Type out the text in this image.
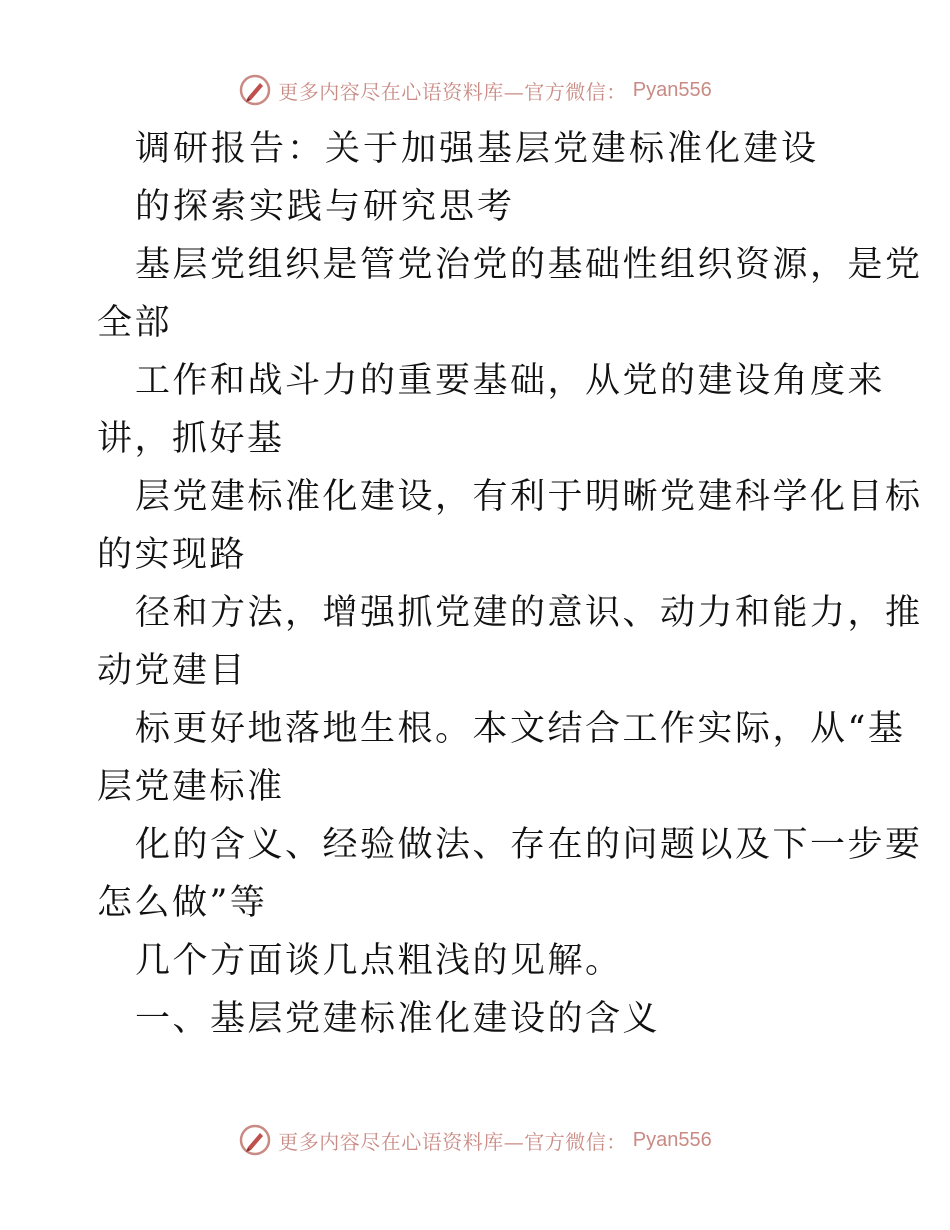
更多内容尽在心语资料库—官方微信： Pyan556
调研报告：关于加强基层党建标准化建设
的探索实践与研究思考
基层党组织是管党治党的基础性组织资源，是党
全部
工作和战斗力的重要基础，从党的建设角度来
讲，抓好基
层党建标准化建设，有利于明晰党建科学化目标
的实现路
径和方法，增强抓党建的意识、动力和能力，推
动党建目
标更好地落地生根。本文结合工作实际，从“基
层党建标准
化的含义、经验做法、存在的问题以及下一步要
怎么做”等
几个方面谈几点粗浅的见解。
一、基层党建标准化建设的含义
更多内容尽在心语资料库—官方微信： Pyan556
